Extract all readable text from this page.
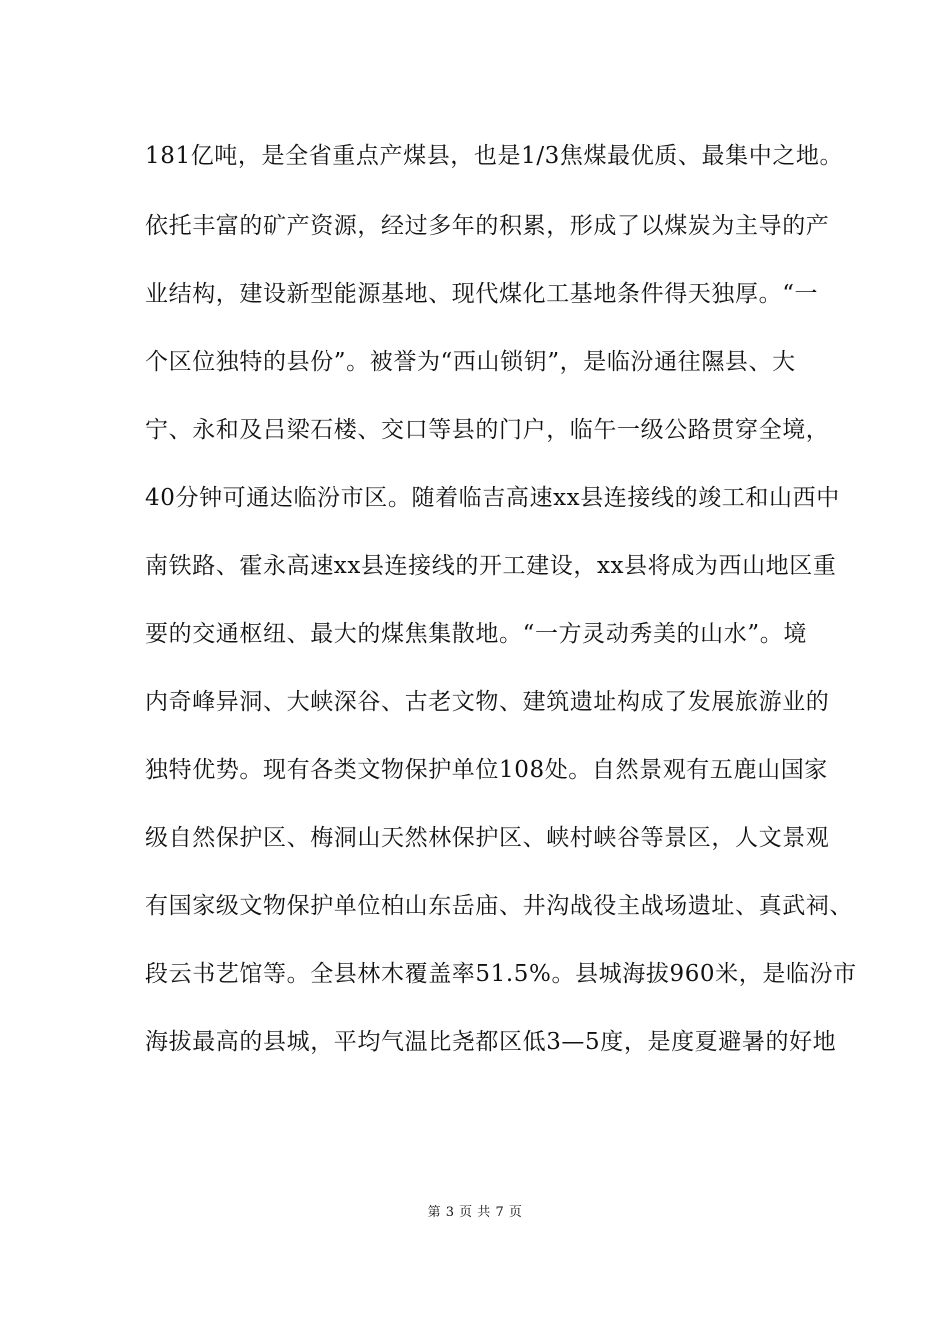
181亿吨，是全省重点产煤县，也是1/3焦煤最优质、最集中之地。
依托丰富的矿产资源，经过多年的积累，形成了以煤炭为主导的产
业结构，建设新型能源基地、现代煤化工基地条件得天独厚。“一
个区位独特的县份”。被誉为“西山锁钥”，是临汾通往隰县、大
宁、永和及吕梁石楼、交口等县的门户，临午一级公路贯穿全境，
40分钟可通达临汾市区。随着临吉高速xx县连接线的竣工和山西中
南铁路、霍永高速xx县连接线的开工建设，xx县将成为西山地区重
要的交通枢纽、最大的煤焦集散地。“一方灵动秀美的山水”。境
内奇峰异洞、大峡深谷、古老文物、建筑遗址构成了发展旅游业的
独特优势。现有各类文物保护单位108处。自然景观有五鹿山国家
级自然保护区、梅洞山天然林保护区、峡村峡谷等景区，人文景观
有国家级文物保护单位柏山东岳庙、井沟战役主战场遗址、真武祠、
段云书艺馆等。全县林木覆盖率51.5%。县城海拔960米，是临汾市
海拔最高的县城，平均气温比尧都区低3—5度，是度夏避暑的好地
第 3 页 共 7 页
